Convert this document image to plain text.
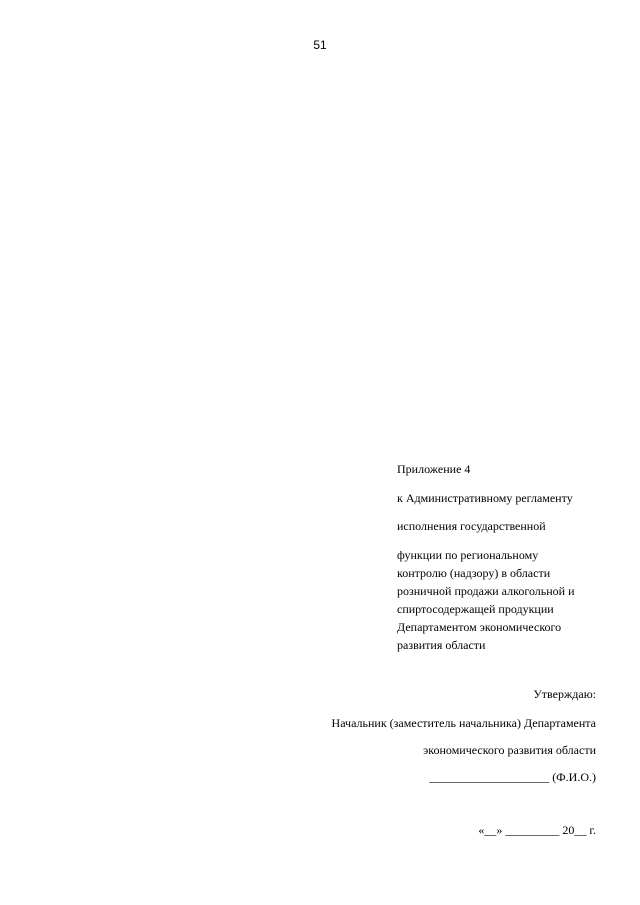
51
Приложение 4
к Административному регламенту
исполнения государственной
функции по региональному
контролю (надзору) в области
розничной продажи алкогольной и
спиртосодержащей продукции
Департаментом экономического
развития области
Утверждаю:
Начальник (заместитель начальника) Департамента
экономического развития области
____________________ (Ф.И.О.)
«__» _________ 20__ г.
